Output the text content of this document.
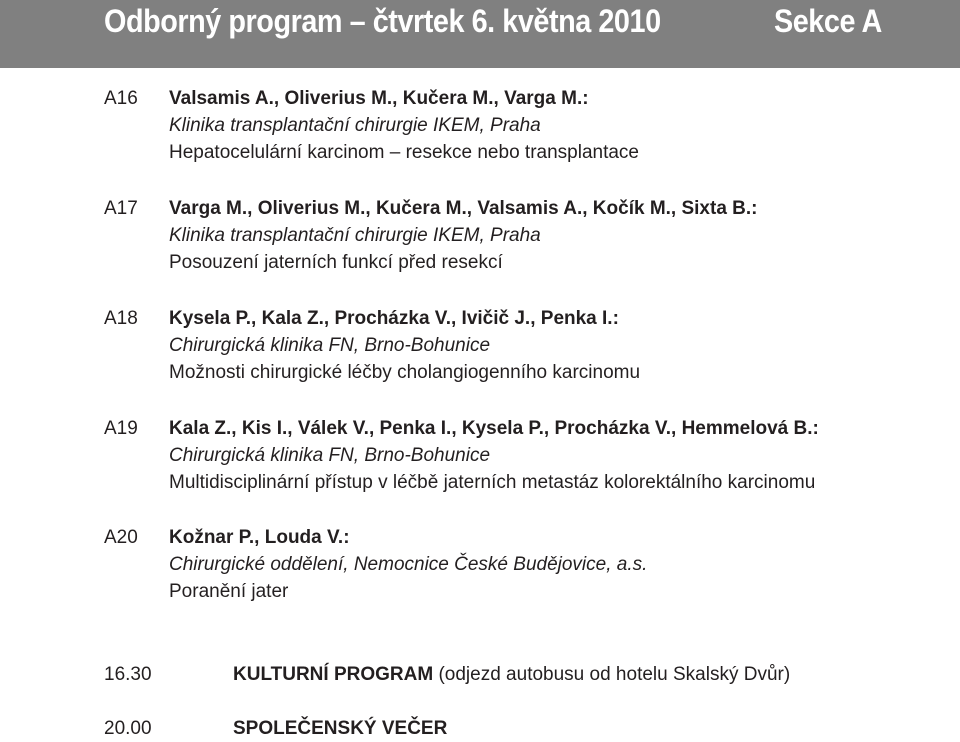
Odborný program – čtvrtek 6. května 2010	Sekce A
A16 Valsamis A., Oliverius M., Kučera M., Varga M.:
Klinika transplantační chirurgie IKEM, Praha
Hepatocelulární karcinom – resekce nebo transplantace
A17 Varga M., Oliverius M., Kučera M., Valsamis A., Kočík M., Sixta B.:
Klinika transplantační chirurgie IKEM, Praha
Posouzení jaterních funkcí před resekcí
A18 Kysela P., Kala Z., Procházka V., Ivičič J., Penka I.:
Chirurgická klinika FN, Brno-Bohunice
Možnosti chirurgické léčby cholangiogenního karcinomu
A19 Kala Z., Kis I., Válek V., Penka I., Kysela P., Procházka V., Hemmelová B.:
Chirurgická klinika FN, Brno-Bohunice
Multidisciplinární přístup v léčbě jaterních metastáz kolorektálního karcinomu
A20 Kožnar P., Louda V.:
Chirurgické oddělení, Nemocnice České Budějovice, a.s.
Poranění jater
16.30	KULTURNÍ PROGRAM (odjezd autobusu od hotelu Skalský Dvůr)
20.00	SPOLEČENSKÝ VEČER
